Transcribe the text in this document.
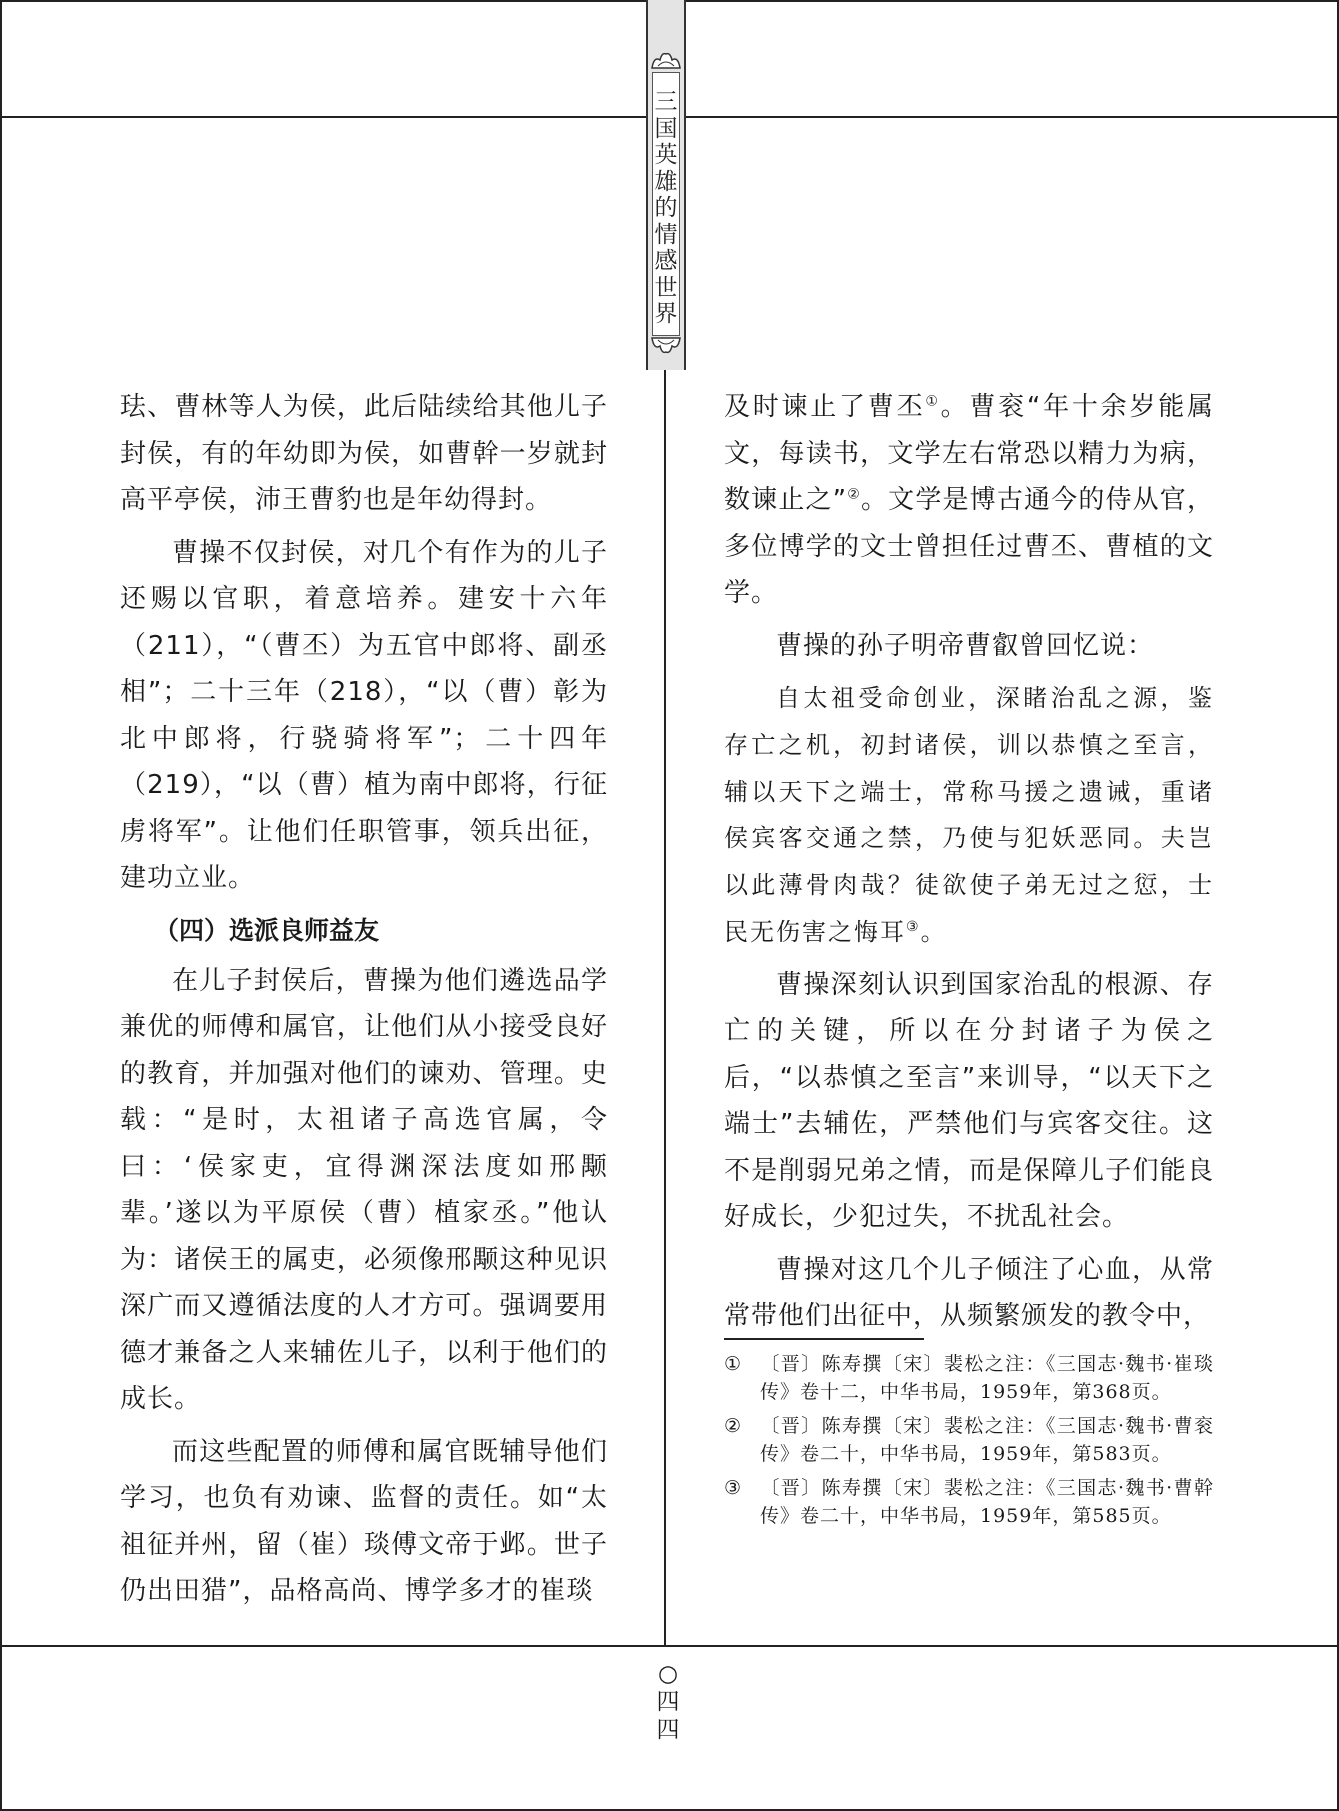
三国英雄的情感世界

珐、曹林等人为侯，此后陆续给其他儿子封侯，有的年幼即为侯，如曹幹一岁就封高平亭侯，沛王曹豹也是年幼得封。

曹操不仅封侯，对几个有作为的儿子还赐以官职，着意培养。建安十六年（211），“（曹丕）为五官中郎将、副丞相”；二十三年（218），“以（曹）彰为北中郎将，行骁骑将军”；二十四年（219），“以（曹）植为南中郎将，行征虏将军”。让他们任职管事，领兵出征，建功立业。

（四）选派良师益友

在儿子封侯后，曹操为他们遴选品学兼优的师傅和属官，让他们从小接受良好的教育，并加强对他们的谏劝、管理。史载：“是时，太祖诸子高选官属，令曰：‘侯家吏，宜得渊深法度如邢颙辈。’遂以为平原侯（曹）植家丞。”他认为：诸侯王的属吏，必须像邢颙这种见识深广而又遵循法度的人才方可。强调要用德才兼备之人来辅佐儿子，以利于他们的成长。

而这些配置的师傅和属官既辅导他们学习，也负有劝谏、监督的责任。如“太祖征并州，留（崔）琰傅文帝于邺。世子仍出田猎”，品格高尚、博学多才的崔琰

及时谏止了曹丕①。曹衮“年十余岁能属文，每读书，文学左右常恐以精力为病，数谏止之”②。文学是博古通今的侍从官，多位博学的文士曾担任过曹丕、曹植的文学。

曹操的孙子明帝曹叡曾回忆说：

自太祖受命创业，深睹治乱之源，鉴存亡之机，初封诸侯，训以恭慎之至言，辅以天下之端士，常称马援之遗诫，重诸侯宾客交通之禁，乃使与犯妖恶同。夫岂以此薄骨肉哉？徒欲使子弟无过之愆，士民无伤害之悔耳③。

曹操深刻认识到国家治乱的根源、存亡的关键，所以在分封诸子为侯之后，“以恭慎之至言”来训导，“以天下之端士”去辅佐，严禁他们与宾客交往。这不是削弱兄弟之情，而是保障儿子们能良好成长，少犯过失，不扰乱社会。

曹操对这几个儿子倾注了心血，从常常带他们出征中，从频繁颁发的教令中，

① 〔晋〕陈寿撰〔宋〕裴松之注：《三国志·魏书·崔琰传》卷十二，中华书局，1959年，第368页。

② 〔晋〕陈寿撰〔宋〕裴松之注：《三国志·魏书·曹衮传》卷二十，中华书局，1959年，第583页。

③ 〔晋〕陈寿撰〔宋〕裴松之注：《三国志·魏书·曹幹传》卷二十，中华书局，1959年，第585页。

○
四四
